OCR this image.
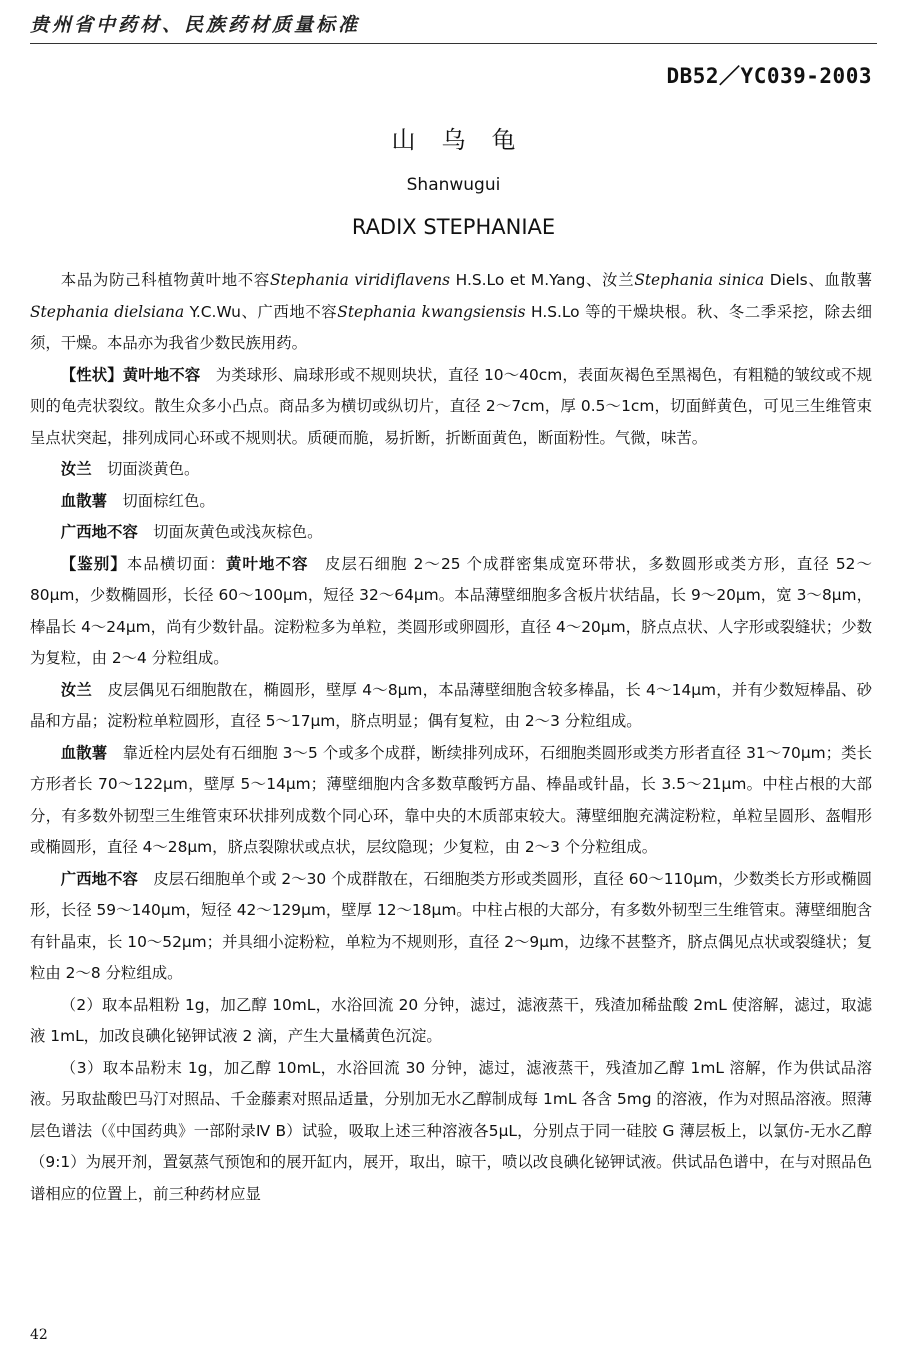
贵州省中药材、民族药材质量标准
DB52／YC039-2003
山乌龟
Shanwugui
RADIX STEPHANIAE

本品为防己科植物黄叶地不容Stephania viridiflavens H.S.Lo et M.Yang、汝兰Stephania sinica Diels、血散薯Stephania dielsiana Y.C.Wu、广西地不容Stephania kwangsiensis H.S.Lo 等的干燥块根。秋、冬二季采挖，除去细须，干燥。本品亦为我省少数民族用药。

【性状】黄叶地不容　为类球形、扁球形或不规则块状，直径 10～40cm，表面灰褐色至黑褐色，有粗糙的皱纹或不规则的龟壳状裂纹。散生众多小凸点。商品多为横切或纵切片，直径 2～7cm，厚 0.5～1cm，切面鲜黄色，可见三生维管束呈点状突起，排列成同心环或不规则状。质硬而脆，易折断，折断面黄色，断面粉性。气微，味苦。

汝兰　切面淡黄色。

血散薯　切面棕红色。

广西地不容　切面灰黄色或浅灰棕色。

【鉴别】本品横切面：黄叶地不容　皮层石细胞 2～25 个成群密集成宽环带状，多数圆形或类方形，直径 52～80μm，少数椭圆形，长径 60～100μm，短径 32～64μm。本品薄壁细胞多含板片状结晶，长 9～20μm，宽 3～8μm，棒晶长 4～24μm，尚有少数针晶。淀粉粒多为单粒，类圆形或卵圆形，直径 4～20μm，脐点点状、人字形或裂缝状；少数为复粒，由 2～4 分粒组成。

汝兰　皮层偶见石细胞散在，椭圆形，壁厚 4～8μm，本品薄壁细胞含较多棒晶，长 4～14μm，并有少数短棒晶、砂晶和方晶；淀粉粒单粒圆形，直径 5～17μm，脐点明显；偶有复粒，由 2～3 分粒组成。

血散薯　靠近栓内层处有石细胞 3～5 个或多个成群，断续排列成环，石细胞类圆形或类方形者直径 31～70μm；类长方形者长 70～122μm，壁厚 5～14μm；薄壁细胞内含多数草酸钙方晶、棒晶或针晶，长 3.5～21μm。中柱占根的大部分，有多数外韧型三生维管束环状排列成数个同心环，靠中央的木质部束较大。薄壁细胞充满淀粉粒，单粒呈圆形、盔帽形或椭圆形，直径 4～28μm，脐点裂隙状或点状，层纹隐现；少复粒，由 2～3 个分粒组成。

广西地不容　皮层石细胞单个或 2～30 个成群散在，石细胞类方形或类圆形，直径 60～110μm，少数类长方形或椭圆形，长径 59～140μm，短径 42～129μm，壁厚 12～18μm。中柱占根的大部分，有多数外韧型三生维管束。薄壁细胞含有针晶束，长 10～52μm；并具细小淀粉粒，单粒为不规则形，直径 2～9μm，边缘不甚整齐，脐点偶见点状或裂缝状；复粒由 2～8 分粒组成。

（2）取本品粗粉 1g，加乙醇 10mL，水浴回流 20 分钟，滤过，滤液蒸干，残渣加稀盐酸 2mL 使溶解，滤过，取滤液 1mL，加改良碘化铋钾试液 2 滴，产生大量橘黄色沉淀。

（3）取本品粉末 1g，加乙醇 10mL，水浴回流 30 分钟，滤过，滤液蒸干，残渣加乙醇 1mL 溶解，作为供试品溶液。另取盐酸巴马汀对照品、千金藤素对照品适量，分别加无水乙醇制成每 1mL 各含 5mg 的溶液，作为对照品溶液。照薄层色谱法（《中国药典》一部附录Ⅳ B）试验，吸取上述三种溶液各5μL，分别点于同一硅胶 G 薄层板上，以氯仿-无水乙醇（9:1）为展开剂，置氨蒸气预饱和的展开缸内，展开，取出，晾干，喷以改良碘化铋钾试液。供试品色谱中，在与对照品色谱相应的位置上，前三种药材应显

42
